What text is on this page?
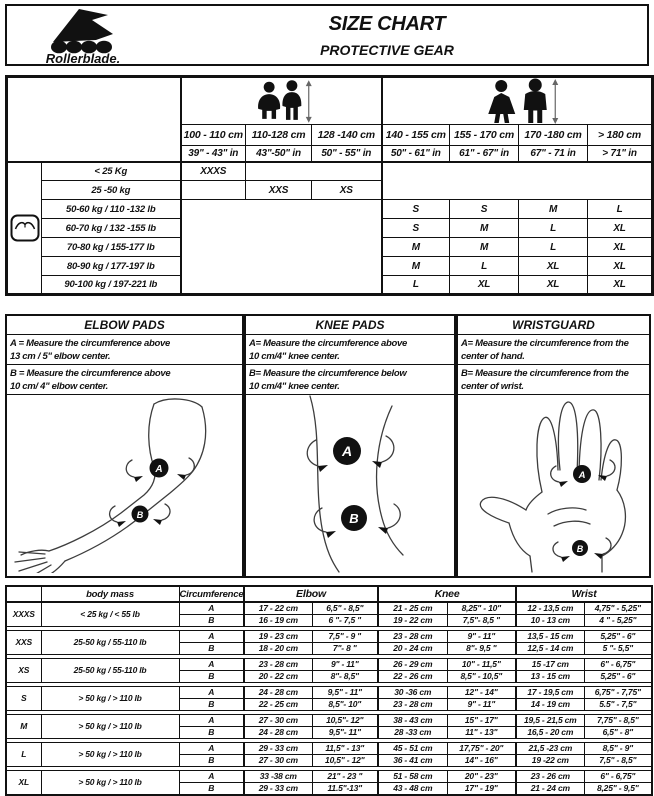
Rollerblade.
SIZE CHART
PROTECTIVE GEAR

		100 - 110 cm	110-128 cm	128 -140 cm	140 - 155 cm	155 - 170 cm	170 -180 cm	> 180 cm
		39" - 43" in	43"-50" in	50" - 55" in	50" - 61" in	61" - 67" in	67" - 71 in	> 71" in

	< 25 Kg	XXXS						
	25 -50 kg		XXS	XS				
	50-60 kg / 110 -132 lb				S	S	M	L
	60-70 kg / 132 -155 lb				S	M	L	XL
	70-80 kg / 155-177 lb				M	M	L	XL
	80-90 kg / 177-197 lb				M	L	XL	XL
	90-100 kg / 197-221 lb				L	XL	XL	XL
ELBOW PADS
A = Measure the circumference above
13 cm / 5" elbow center.
B = Measure the circumference above
10 cm/ 4" elbow center.
A
B
KNEE PADS
A= Measure the circumference above
10 cm/4" knee center.
B= Measure the circumference below
10 cm/4" knee center.
A
B
WRISTGUARD
A= Measure the circumference from the
center of hand.
B= Measure the circumference from the
center of wrist.
A
B
	body mass	Circumference	Elbow		Knee		Wrist	
XXXS	< 25 kg / < 55 lb	A	17 - 22 cm	6,5" - 8,5"	21 - 25 cm	8,25" - 10"	12 - 13,5 cm	4,75" - 5,25"
		B	16 - 19 cm	6 "- 7,5 "	19 - 22 cm	7,5"- 8,5 "	10 - 13 cm	4 " - 5,25"

XXS	25-50 kg / 55-110 lb	A	19 - 23 cm	7,5" - 9 "	23 - 28 cm	9" - 11"	13,5 - 15 cm	5,25" - 6"
		B	18 - 20 cm	7"- 8 "	20 - 24 cm	8"- 9,5 "	12,5 - 14 cm	5 "- 5,5"

XS	25-50 kg / 55-110 lb	A	23 - 28 cm	9" - 11"	26 - 29 cm	10" - 11,5"	15 -17 cm	6" - 6,75"
		B	20 - 22 cm	8"- 8,5"	22 - 26 cm	8,5" - 10,5"	13 - 15 cm	5,25" - 6"

S	> 50 kg / > 110 lb	A	24 - 28 cm	9,5" - 11"	30 -36 cm	12" - 14"	17 - 19,5 cm	6,75" - 7,75"
		B	22 - 25 cm	8,5"- 10"	23 - 28 cm	9" - 11"	14 - 19 cm	5.5" - 7,5"

M	> 50 kg / > 110 lb	A	27 - 30 cm	10,5"- 12"	38 - 43 cm	15" - 17"	19,5 - 21,5 cm	7,75" - 8,5"
		B	24 - 28 cm	9,5"- 11"	28 -33 cm	11" - 13"	16,5 - 20 cm	6,5" - 8"

L	> 50 kg / > 110 lb	A	29 - 33 cm	11,5" - 13"	45 - 51 cm	17,75" - 20"	21,5 -23 cm	8,5" - 9"
		B	27 - 30 cm	10,5" - 12"	36 - 41 cm	14" - 16"	19 -22 cm	7,5" - 8,5"

XL	> 50 kg / > 110 lb	A	33 -38 cm	21" - 23 "	51 - 58 cm	20" - 23"	23 - 26 cm	6" - 6,75"
		B	29 - 33 cm	11.5"-13"	43 - 48 cm	17" - 19"	21 - 24 cm	8,25" - 9,5"
